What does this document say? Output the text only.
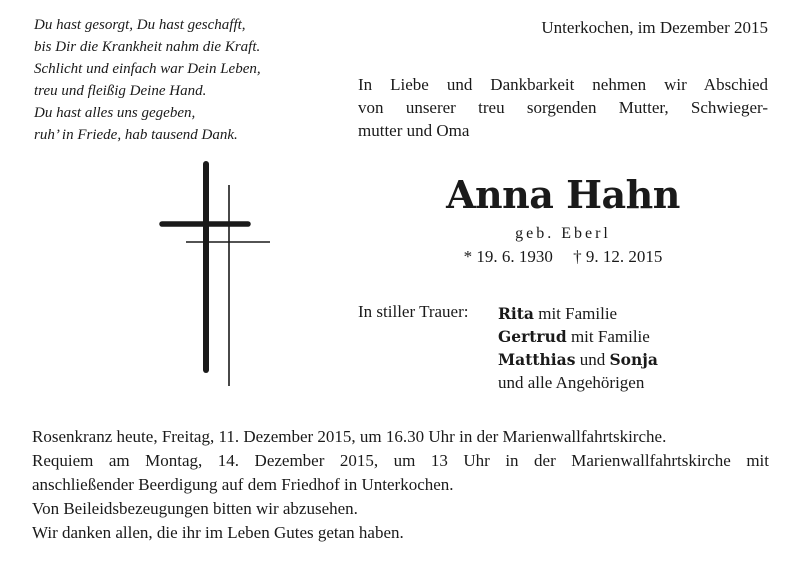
Du hast gesorgt, Du hast geschafft,
bis Dir die Krankheit nahm die Kraft.
Schlicht und einfach war Dein Leben,
treu und fleißig Deine Hand.
Du hast alles uns gegeben,
ruh’ in Friede, hab tausend Dank.
Unterkochen, im Dezember 2015
In Liebe und Dankbarkeit nehmen wir Abschied
von unserer treu sorgenden Mutter, Schwieger-
mutter und Oma
Anna Hahn
geb. Eberl
* 19. 6. 1930 † 9. 12. 2015
In stiller Trauer: Rita mit Familie
Gertrud mit Familie
Matthias und Sonja
und alle Angehörigen
Rosenkranz heute, Freitag, 11. Dezember 2015, um 16.30 Uhr in der Marienwallfahrtskirche.
Requiem am Montag, 14. Dezember 2015, um 13 Uhr in der Marienwallfahrtskirche mit
anschließender Beerdigung auf dem Friedhof in Unterkochen.
Von Beileidsbezeugungen bitten wir abzusehen.
Wir danken allen, die ihr im Leben Gutes getan haben.
